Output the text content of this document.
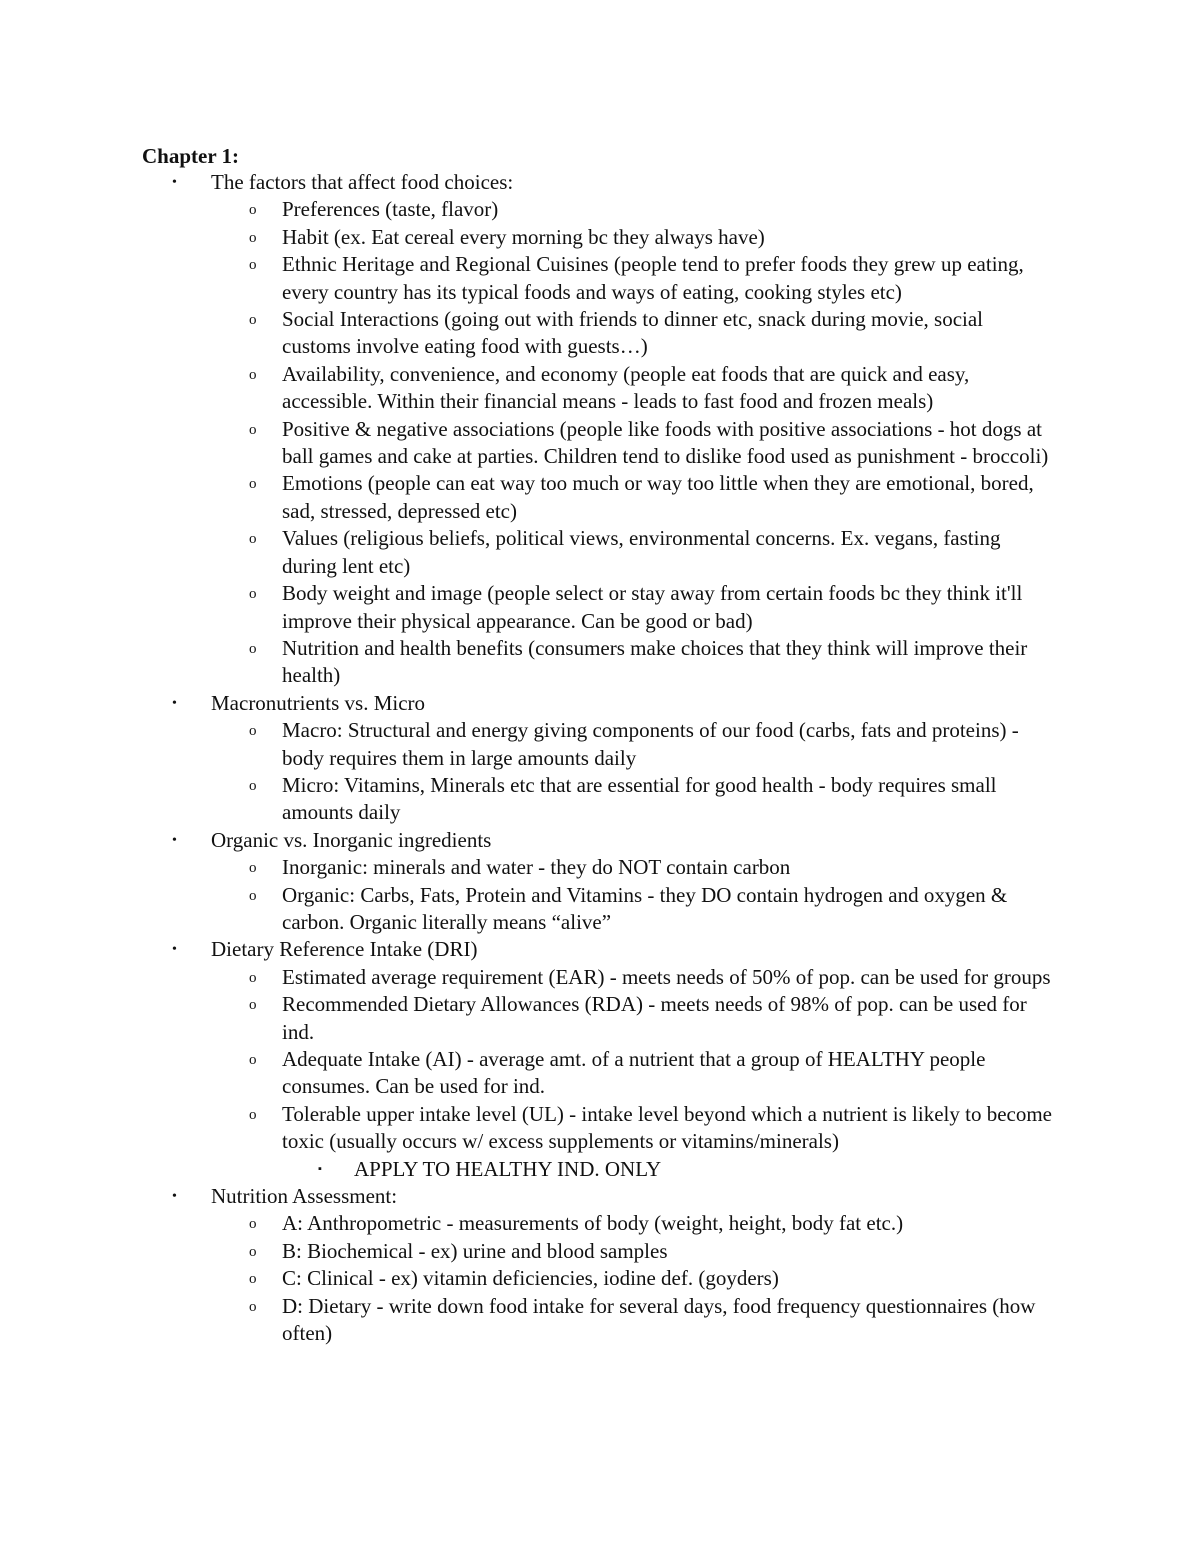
Chapter 1:
• The factors that affect food choices:
o Preferences (taste, flavor)
o Habit (ex. Eat cereal every morning bc they always have)
o Ethnic Heritage and Regional Cuisines (people tend to prefer foods they grew up eating, every country has its typical foods and ways of eating, cooking styles etc)
o Social Interactions (going out with friends to dinner etc, snack during movie, social customs involve eating food with guests…)
o Availability, convenience, and economy (people eat foods that are quick and easy, accessible. Within their financial means - leads to fast food and frozen meals)
o Positive & negative associations (people like foods with positive associations - hot dogs at ball games and cake at parties. Children tend to dislike food used as punishment - broccoli)
o Emotions (people can eat way too much or way too little when they are emotional, bored, sad, stressed, depressed etc)
o Values (religious beliefs, political views, environmental concerns. Ex. vegans, fasting during lent etc)
o Body weight and image (people select or stay away from certain foods bc they think it'll improve their physical appearance. Can be good or bad)
o Nutrition and health benefits (consumers make choices that they think will improve their health)
• Macronutrients vs. Micro
o Macro: Structural and energy giving components of our food (carbs, fats and proteins) - body requires them in large amounts daily
o Micro: Vitamins, Minerals etc that are essential for good health - body requires small amounts daily
• Organic vs. Inorganic ingredients
o Inorganic: minerals and water - they do NOT contain carbon
o Organic: Carbs, Fats, Protein and Vitamins - they DO contain hydrogen and oxygen & carbon. Organic literally means “alive”
• Dietary Reference Intake (DRI)
o Estimated average requirement (EAR) - meets needs of 50% of pop. can be used for groups
o Recommended Dietary Allowances (RDA) - meets needs of 98% of pop. can be used for ind.
o Adequate Intake (AI) - average amt. of a nutrient that a group of HEALTHY people consumes. Can be used for ind.
o Tolerable upper intake level (UL) - intake level beyond which a nutrient is likely to become toxic (usually occurs w/ excess supplements or vitamins/minerals)
▪ APPLY TO HEALTHY IND. ONLY
• Nutrition Assessment:
o A: Anthropometric - measurements of body (weight, height, body fat etc.)
o B: Biochemical - ex) urine and blood samples
o C: Clinical - ex) vitamin deficiencies, iodine def. (goyders)
o D: Dietary - write down food intake for several days, food frequency questionnaires (how often)
